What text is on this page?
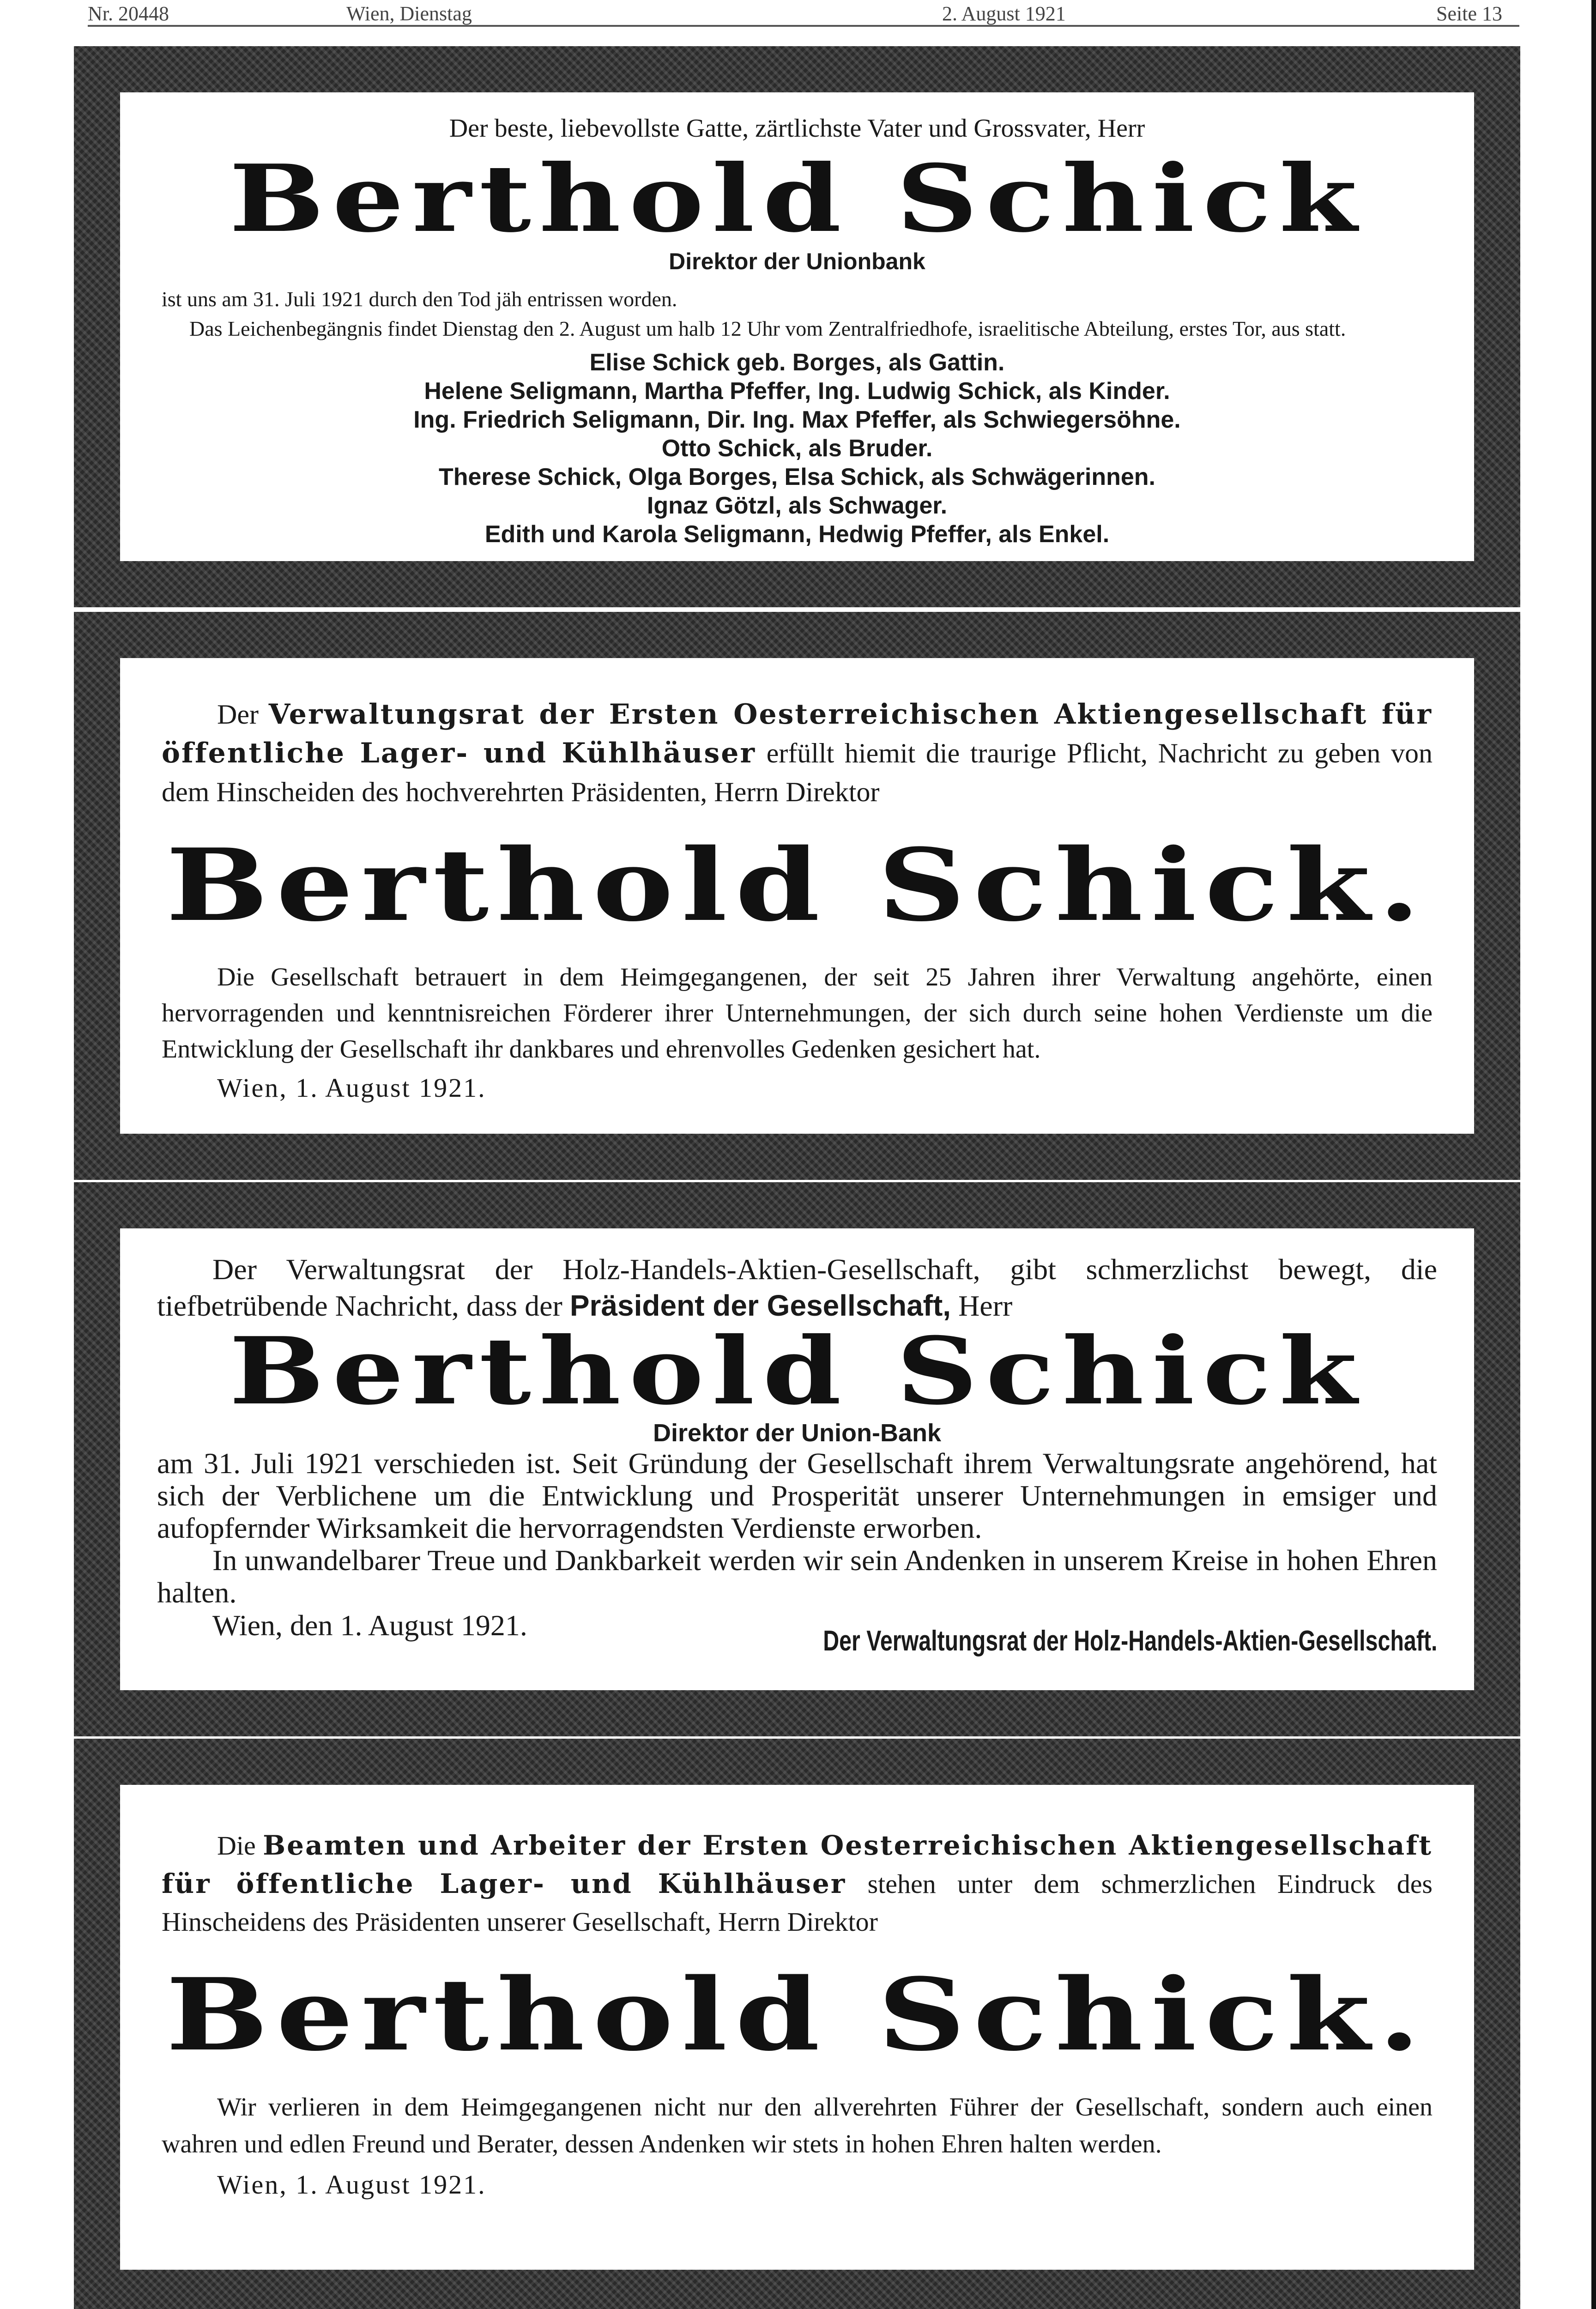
Nr. 20448	Wien, Dienstag	2. August 1921	Seite 13

Der beste, liebevollste Gatte, zärtlichste Vater und Grossvater, Herr

Berthold Schick

Direktor der Unionbank

ist uns am 31. Juli 1921 durch den Tod jäh entrissen worden.

Das Leichenbegängnis findet Dienstag den 2. August um halb 12 Uhr vom Zentralfriedhofe, israelitische Abteilung, erstes Tor, aus statt.

Elise Schick geb. Borges, als Gattin.

Helene Seligmann, Martha Pfeffer, Ing. Ludwig Schick, als Kinder.

Ing. Friedrich Seligmann, Dir. Ing. Max Pfeffer, als Schwiegersöhne.

Otto Schick, als Bruder.

Therese Schick, Olga Borges, Elsa Schick, als Schwägerinnen.

Ignaz Götzl, als Schwager.

Edith und Karola Seligmann, Hedwig Pfeffer, als Enkel.

Der Verwaltungsrat der Ersten Oesterreichischen Aktiengesellschaft für öffentliche Lager- und Kühlhäuser erfüllt hiemit die traurige Pflicht, Nachricht zu geben von dem Hinscheiden des hochverehrten Präsidenten, Herrn Direktor

Berthold Schick.

Die Gesellschaft betrauert in dem Heimgegangenen, der seit 25 Jahren ihrer Verwaltung angehörte, einen hervorragenden und kenntnisreichen Förderer ihrer Unternehmungen, der sich durch seine hohen Verdienste um die Entwicklung der Gesellschaft ihr dankbares und ehrenvolles Gedenken gesichert hat.

Wien, 1. August 1921.

Der Verwaltungsrat der Holz-Handels-Aktien-Gesellschaft, gibt schmerzlichst bewegt, die tiefbetrübende Nachricht, dass der Präsident der Gesellschaft, Herr

Berthold Schick

Direktor der Union-Bank

am 31. Juli 1921 verschieden ist. Seit Gründung der Gesellschaft ihrem Verwaltungsrate angehörend, hat sich der Verblichene um die Entwicklung und Prosperität unserer Unternehmungen in emsiger und aufopfernder Wirksamkeit die hervorragendsten Verdienste erworben.

In unwandelbarer Treue und Dankbarkeit werden wir sein Andenken in unserem Kreise in hohen Ehren halten.

Wien, den 1. August 1921.	Der Verwaltungsrat der Holz-Handels-Aktien-Gesellschaft.

Die Beamten und Arbeiter der Ersten Oesterreichischen Aktiengesellschaft für öffentliche Lager- und Kühlhäuser stehen unter dem schmerzlichen Eindruck des Hinscheidens des Präsidenten unserer Gesellschaft, Herrn Direktor

Berthold Schick.

Wir verlieren in dem Heimgegangenen nicht nur den allverehrten Führer der Gesellschaft, sondern auch einen wahren und edlen Freund und Berater, dessen Andenken wir stets in hohen Ehren halten werden.

Wien, 1. August 1921.
